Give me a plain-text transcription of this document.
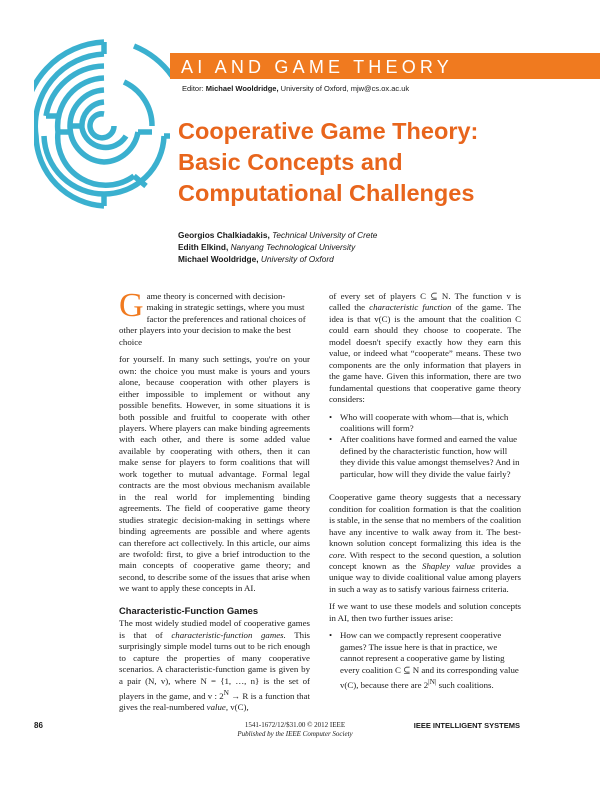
AI AND GAME THEORY
Editor: Michael Wooldridge, University of Oxford, mjw@cs.ox.ac.uk
Cooperative Game Theory:
Basic Concepts and
Computational Challenges
Georgios Chalkiadakis, Technical University of Crete
Edith Elkind, Nanyang Technological University
Michael Wooldridge, University of Oxford

Game theory is concerned with decision-making in strategic settings, where you must factor the preferences and rational choices of other players into your decision to make the best choice

for yourself. In many such settings, you're on your own: the choice you must make is yours and yours alone, because cooperation with other players is either impossible to implement or without any possible benefits. However, in some situations it is both possible and fruitful to cooperate with other players. Where players can make binding agreements with each other, and there is some added value available by cooperating with others, then it can make sense for players to form coalitions that will work together to mutual advantage. Formal legal contracts are the most obvious mechanism available in the real world for implementing binding agreements. The field of cooperative game theory studies strategic decision-making in settings where binding agreements are possible and where agents can therefore act collectively. In this article, our aims are twofold: first, to give a brief introduction to the main concepts of cooperative game theory; and second, to describe some of the issues that arise when we want to apply these concepts in AI.

Characteristic-Function Games

The most widely studied model of cooperative games is that of characteristic-function games. This surprisingly simple model turns out to be rich enough to capture the properties of many cooperative scenarios. A characteristic-function game is given by a pair (N, v), where N = {1, …, n} is the set of players in the game, and v : $2^N \to R$ is a function that gives the real-numbered value, v(C),

of every set of players C ⊆ N. The function v is called the characteristic function of the game. The idea is that v(C) is the amount that the coalition C could earn should they choose to cooperate. The model doesn't specify exactly how they earn this value, or indeed what “cooperate” means. These two components are the only information that players in the game have. Given this information, there are two fundamental questions that cooperative game theory considers:

• Who will cooperate with whom—that is, which coalitions will form?
• After coalitions have formed and earned the value defined by the characteristic function, how will they divide this value amongst themselves? And in particular, how will they divide the value fairly?

Cooperative game theory suggests that a necessary condition for coalition formation is that the coalition is stable, in the sense that no members of the coalition have any incentive to walk away from it. The best-known solution concept formalizing this idea is the core. With respect to the second question, a solution concept known as the Shapley value provides a unique way to divide coalitional value among players in such a way as to satisfy various fairness criteria.

If we want to use these models and solution concepts in AI, then two further issues arise:

• How can we compactly represent cooperative games? The issue here is that in practice, we cannot represent a cooperative game by listing every coalition C ⊆ N and its corresponding value v(C), because there are $2^{|N|}$ such coalitions.
86	1541-1672/12/$31.00 © 2012 IEEE
Published by the IEEE Computer Society
IEEE INTELLIGENT SYSTEMS
